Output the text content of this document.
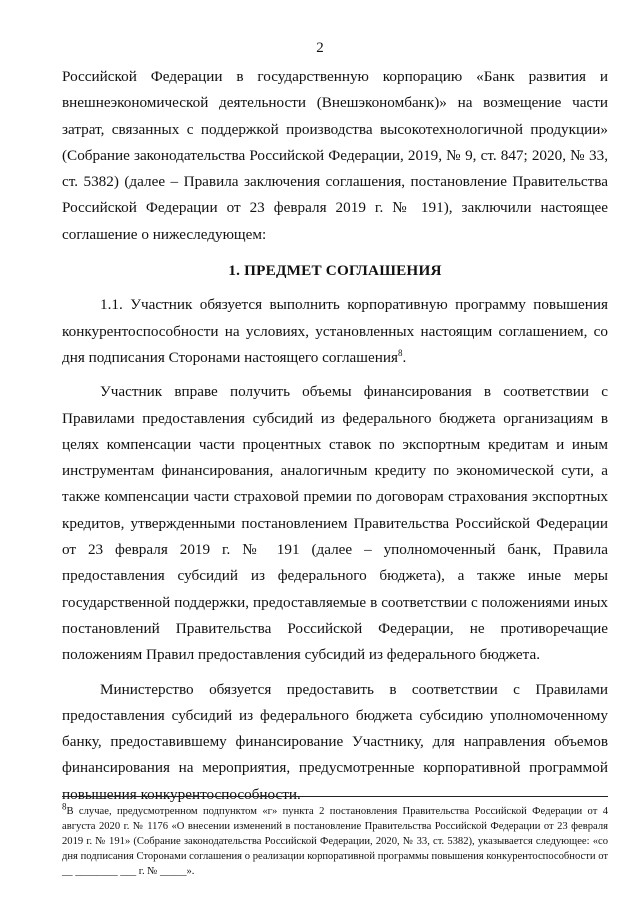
2

Российской Федерации в государственную корпорацию «Банк развития и внешнеэкономической деятельности (Внешэкономбанк)» на возмещение части затрат, связанных с поддержкой производства высокотехнологичной продукции» (Собрание законодательства Российской Федерации, 2019, № 9, ст. 847; 2020, № 33, ст. 5382) (далее – Правила заключения соглашения, постановление Правительства Российской Федерации от 23 февраля 2019 г. № 191), заключили настоящее соглашение о нижеследующем:

1. ПРЕДМЕТ СОГЛАШЕНИЯ

1.1. Участник обязуется выполнить корпоративную программу повышения конкурентоспособности на условиях, установленных настоящим соглашением, со дня подписания Сторонами настоящего соглашения$^8$.

Участник вправе получить объемы финансирования в соответствии с Правилами предоставления субсидий из федерального бюджета организациям в целях компенсации части процентных ставок по экспортным кредитам и иным инструментам финансирования, аналогичным кредиту по экономической сути, а также компенсации части страховой премии по договорам страхования экспортных кредитов, утвержденными постановлением Правительства Российской Федерации от 23 февраля 2019 г. № 191 (далее – уполномоченный банк, Правила предоставления субсидий из федерального бюджета), а также иные меры государственной поддержки, предоставляемые в соответствии с положениями иных постановлений Правительства Российской Федерации, не противоречащие положениям Правил предоставления субсидий из федерального бюджета.

Министерство обязуется предоставить в соответствии с Правилами предоставления субсидий из федерального бюджета субсидию уполномоченному банку, предоставившему финансирование Участнику, для направления объемов финансирования на мероприятия, предусмотренные корпоративной программой повышения конкурентоспособности.

$^8$В случае, предусмотренном подпунктом «г» пункта 2 постановления Правительства Российской Федерации от 4 августа 2020 г. № 1176 «О внесении изменений в постановление Правительства Российской Федерации от 23 февраля 2019 г. № 191» (Собрание законодательства Российской Федерации, 2020, № 33, ст. 5382), указывается следующее: «со дня подписания Сторонами соглашения о реализации корпоративной программы повышения конкурентоспособности от __ ________ ___ г. № _____».
